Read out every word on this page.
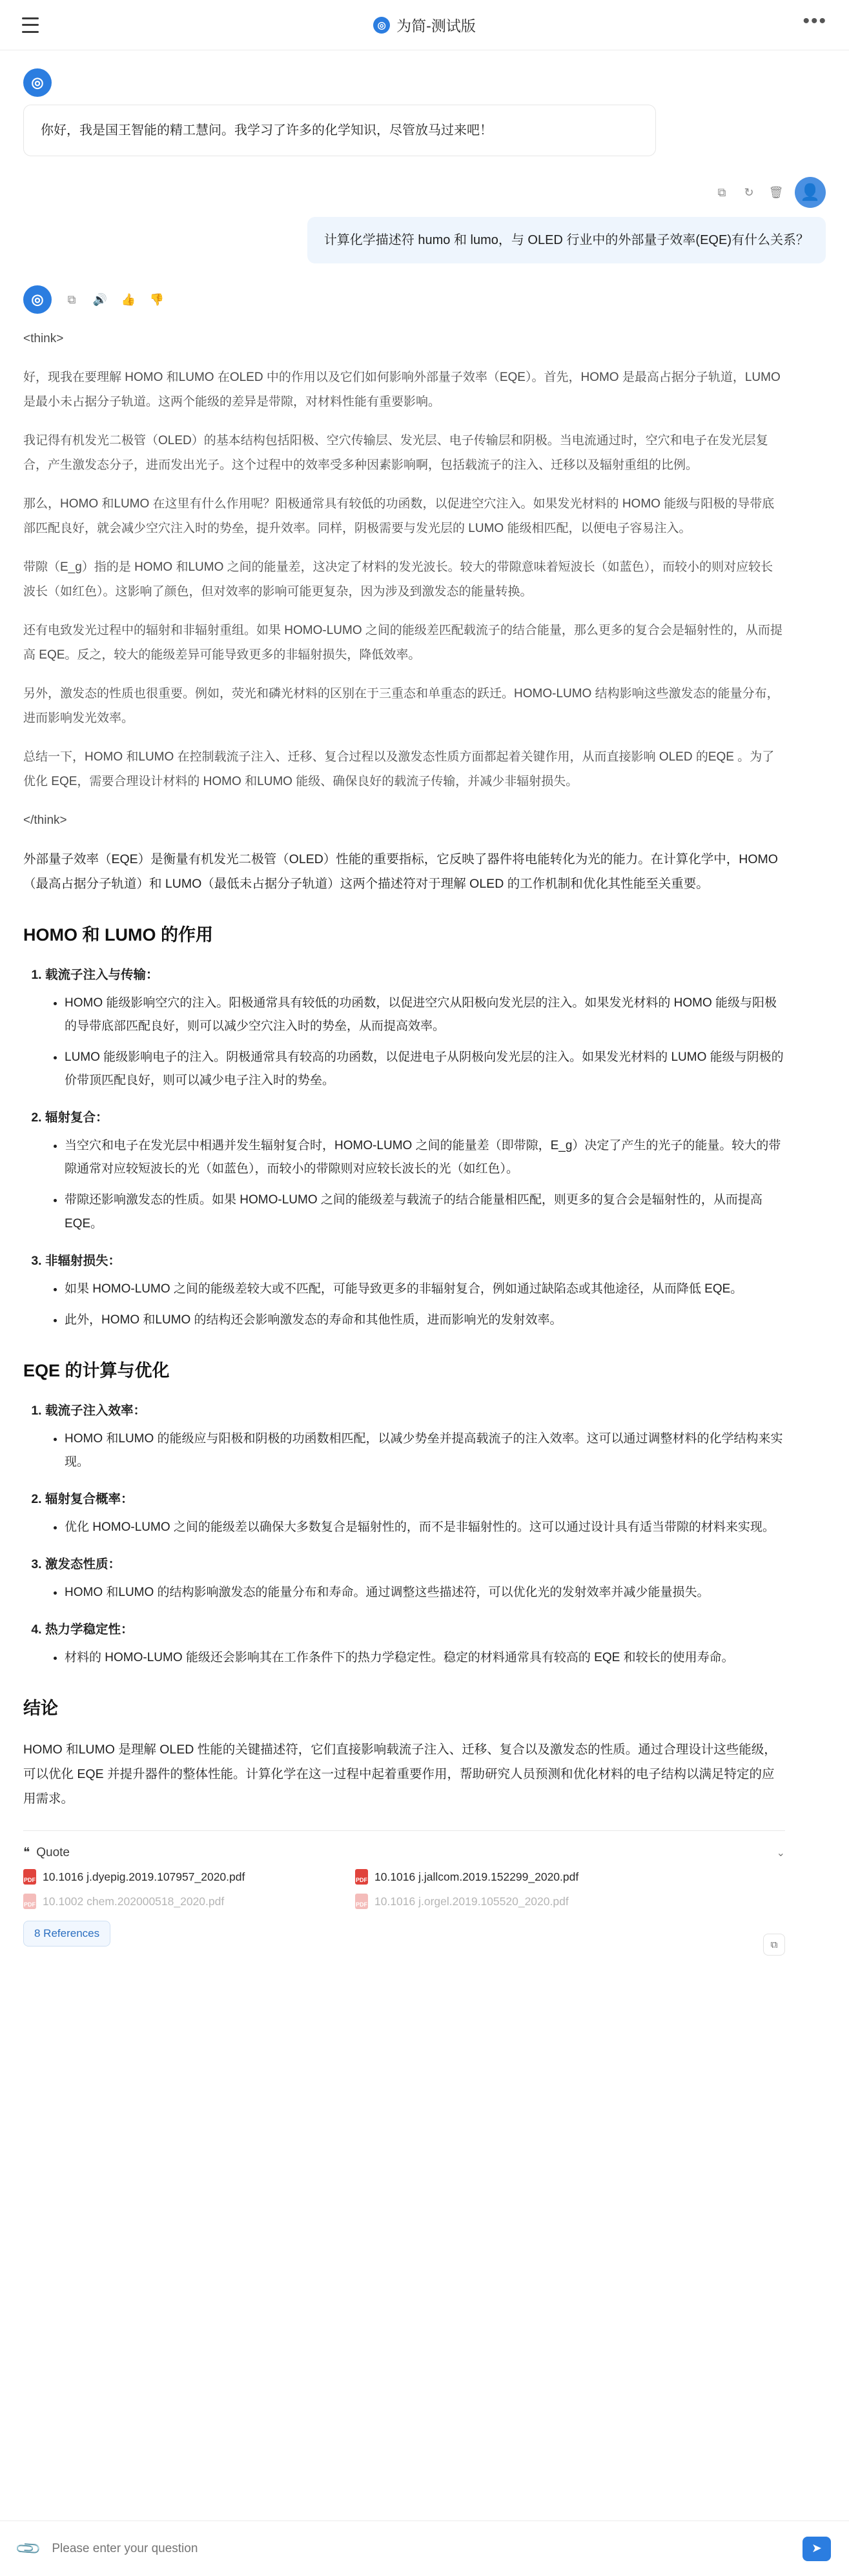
◎ 为简-测试版	•••
◎
你好，我是国王智能的精工慧问。我学习了许多的化学知识，尽管放马过来吧！
⧉	↻	🗑	👤
计算化学描述符 humo 和 lumo，与 OLED 行业中的外部量子效率(EQE)有什么关系？
◎	⧉	🔊 👍 👎

<think>

好，现我在要理解 HOMO 和LUMO 在OLED 中的作用以及它们如何影响外部量子效率（EQE）。首先，HOMO 是最高占据分子轨道，LUMO 是最小未占据分子轨道。这两个能级的差异是带隙，对材料性能有重要影响。

我记得有机发光二极管（OLED）的基本结构包括阳极、空穴传输层、发光层、电子传输层和阴极。当电流通过时，空穴和电子在发光层复合，产生激发态分子，进而发出光子。这个过程中的效率受多种因素影响啊，包括载流子的注入、迁移以及辐射重组的比例。

那么，HOMO 和LUMO 在这里有什么作用呢？阳极通常具有较低的功函数，以促进空穴注入。如果发光材料的 HOMO 能级与阳极的导带底部匹配良好，就会减少空穴注入时的势垒，提升效率。同样，阴极需要与发光层的 LUMO 能级相匹配，以便电子容易注入。

带隙（E_g）指的是 HOMO 和LUMO 之间的能量差，这决定了材料的发光波长。较大的带隙意味着短波长（如蓝色），而较小的则对应较长波长（如红色）。这影响了颜色，但对效率的影响可能更复杂，因为涉及到激发态的能量转换。

还有电致发光过程中的辐射和非辐射重组。如果 HOMO-LUMO 之间的能级差匹配载流子的结合能量，那么更多的复合会是辐射性的，从而提高 EQE。反之，较大的能级差异可能导致更多的非辐射损失，降低效率。

另外，激发态的性质也很重要。例如，荧光和磷光材料的区别在于三重态和单重态的跃迁。HOMO-LUMO 结构影响这些激发态的能量分布，进而影响发光效率。

总结一下，HOMO 和LUMO 在控制载流子注入、迁移、复合过程以及激发态性质方面都起着关键作用，从而直接影响 OLED 的EQE 。为了优化 EQE，需要合理设计材料的 HOMO 和LUMO 能级、确保良好的载流子传输，并减少非辐射损失。

</think>

外部量子效率（EQE）是衡量有机发光二极管（OLED）性能的重要指标，它反映了器件将电能转化为光的能力。在计算化学中，HOMO（最高占据分子轨道）和 LUMO（最低未占据分子轨道）这两个描述符对于理解 OLED 的工作机制和优化其性能至关重要。

HOMO 和 LUMO 的作用
1. 载流子注入与传输：
• HOMO 能级影响空穴的注入。阳极通常具有较低的功函数，以促进空穴从阳极向发光层的注入。如果发光材料的 HOMO 能级与阳极的导带底部匹配良好，则可以减少空穴注入时的势垒，从而提高效率。
• LUMO 能级影响电子的注入。阴极通常具有较高的功函数，以促进电子从阴极向发光层的注入。如果发光材料的 LUMO 能级与阴极的价带顶匹配良好，则可以减少电子注入时的势垒。
2. 辐射复合：
• 当空穴和电子在发光层中相遇并发生辐射复合时，HOMO-LUMO 之间的能量差（即带隙，E_g）决定了产生的光子的能量。较大的带隙通常对应较短波长的光（如蓝色），而较小的带隙则对应较长波长的光（如红色）。
• 带隙还影响激发态的性质。如果 HOMO-LUMO 之间的能级差与载流子的结合能量相匹配，则更多的复合会是辐射性的，从而提高 EQE。
3. 非辐射损失：
• 如果 HOMO-LUMO 之间的能级差较大或不匹配，可能导致更多的非辐射复合，例如通过缺陷态或其他途径，从而降低 EQE。
• 此外，HOMO 和LUMO 的结构还会影响激发态的寿命和其他性质，进而影响光的发射效率。
EQE 的计算与优化
1. 载流子注入效率：
• HOMO 和LUMO 的能级应与阳极和阴极的功函数相匹配，以减少势垒并提高载流子的注入效率。这可以通过调整材料的化学结构来实现。
2. 辐射复合概率：
• 优化 HOMO-LUMO 之间的能级差以确保大多数复合是辐射性的，而不是非辐射性的。这可以通过设计具有适当带隙的材料来实现。
3. 激发态性质：
• HOMO 和LUMO 的结构影响激发态的能量分布和寿命。通过调整这些描述符，可以优化光的发射效率并减少能量损失。
4. 热力学稳定性：
• 材料的 HOMO-LUMO 能级还会影响其在工作条件下的热力学稳定性。稳定的材料通常具有较高的 EQE 和较长的使用寿命。
结论

HOMO 和LUMO 是理解 OLED 性能的关键描述符，它们直接影响载流子注入、迁移、复合以及激发态的性质。通过合理设计这些能级，可以优化 EQE 并提升器件的整体性能。计算化学在这一过程中起着重要作用，帮助研究人员预测和优化材料的电子结构以满足特定的应用需求。

❝ Quote	⌄
PDF 10.1016 j.dyepig.2019.107957_2020.pdf	PDF 10.1016 j.jallcom.2019.152299_2020.pdf
PDF 10.1002 chem.202000518_2020.pdf	PDF 10.1016 j.orgel.2019.105520_2020.pdf
8 References
⧉
📎
Please enter your question	➤
